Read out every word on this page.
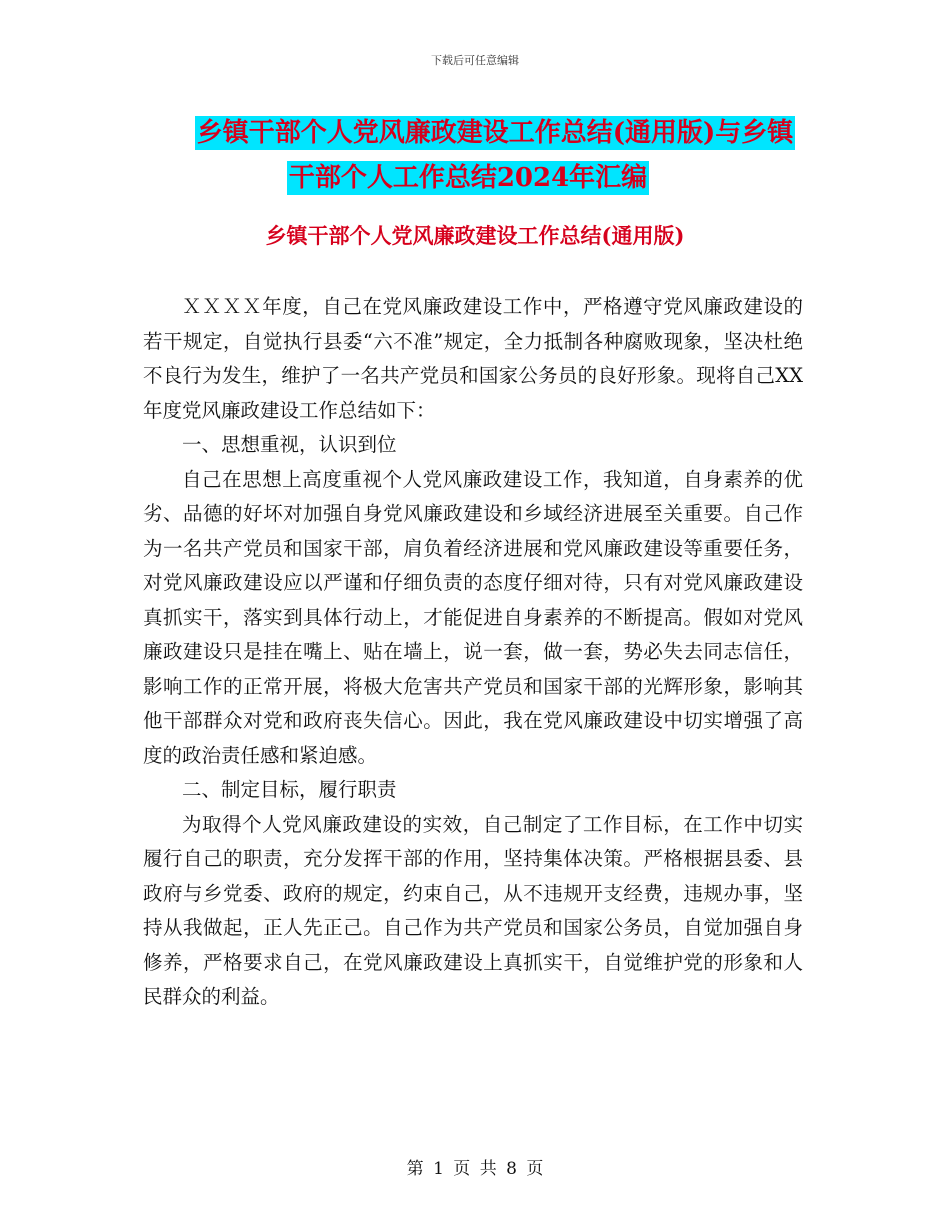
下载后可任意编辑
乡镇干部个人党风廉政建设工作总结(通用版)与乡镇
干部个人工作总结2024年汇编
乡镇干部个人党风廉政建设工作总结(通用版)

ＸＸＸＸ年度，自己在党风廉政建设工作中，严格遵守党风廉政建设的若干规定，自觉执行县委“六不准”规定，全力抵制各种腐败现象，坚决杜绝不良行为发生，维护了一名共产党员和国家公务员的良好形象。现将自己XX年度党风廉政建设工作总结如下：

一、思想重视，认识到位

自己在思想上高度重视个人党风廉政建设工作，我知道，自身素养的优劣、品德的好坏对加强自身党风廉政建设和乡域经济进展至关重要。自己作为一名共产党员和国家干部，肩负着经济进展和党风廉政建设等重要任务，对党风廉政建设应以严谨和仔细负责的态度仔细对待，只有对党风廉政建设真抓实干，落实到具体行动上，才能促进自身素养的不断提高。假如对党风廉政建设只是挂在嘴上、贴在墙上，说一套，做一套，势必失去同志信任，影响工作的正常开展，将极大危害共产党员和国家干部的光辉形象，影响其他干部群众对党和政府丧失信心。因此，我在党风廉政建设中切实增强了高度的政治责任感和紧迫感。

二、制定目标，履行职责

为取得个人党风廉政建设的实效，自己制定了工作目标，在工作中切实履行自己的职责，充分发挥干部的作用，坚持集体决策。严格根据县委、县政府与乡党委、政府的规定，约束自己，从不违规开支经费，违规办事，坚持从我做起，正人先正己。自己作为共产党员和国家公务员，自觉加强自身修养，严格要求自己，在党风廉政建设上真抓实干，自觉维护党的形象和人民群众的利益。

第 1 页 共 8 页
